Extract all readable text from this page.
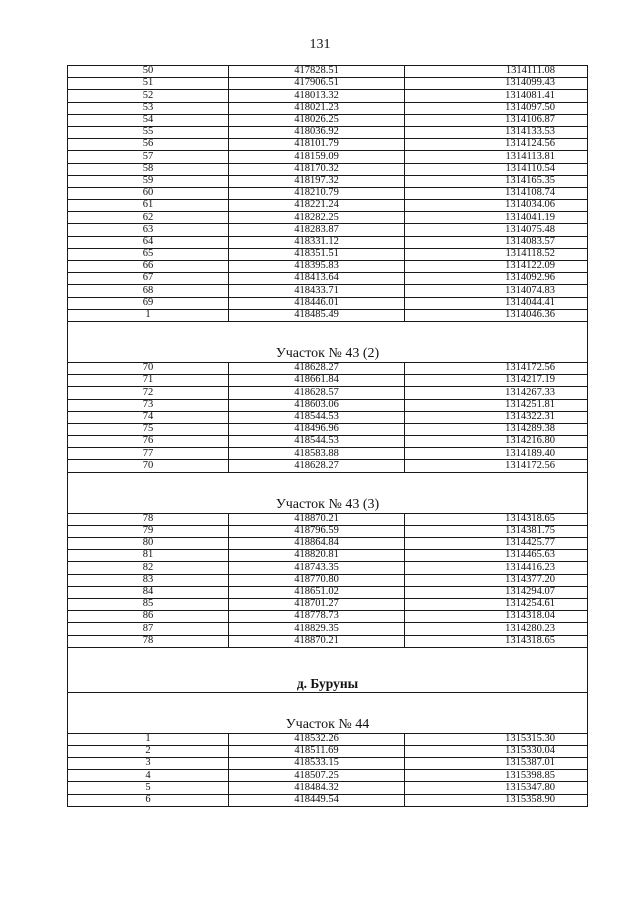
131
50	417828.51	1314111.08
51	417906.51	1314099.43
52	418013.32	1314081.41
53	418021.23	1314097.50
54	418026.25	1314106.87
55	418036.92	1314133.53
56	418101.79	1314124.56
57	418159.09	1314113.81
58	418170.32	1314110.54
59	418197.32	1314165.35
60	418210.79	1314108.74
61	418221.24	1314034.06
62	418282.25	1314041.19
63	418283.87	1314075.48
64	418331.12	1314083.57
65	418351.51	1314118.52
66	418395.83	1314122.09
67	418413.64	1314092.96
68	418433.71	1314074.83
69	418446.01	1314044.41
1	418485.49	1314046.36

Участок № 43 (2)		
70	418628.27	1314172.56
71	418661.84	1314217.19
72	418628.57	1314267.33
73	418603.06	1314251.81
74	418544.53	1314322.31
75	418496.96	1314289.38
76	418544.53	1314216.80
77	418583.88	1314189.40
70	418628.27	1314172.56

Участок № 43 (3)		
78	418870.21	1314318.65
79	418796.59	1314381.75
80	418864.84	1314425.77
81	418820.81	1314465.63
82	418743.35	1314416.23
83	418770.80	1314377.20
84	418651.02	1314294.07
85	418701.27	1314254.61
86	418778.73	1314318.04
87	418829.35	1314280.23
78	418870.21	1314318.65

д. Буруны		

Участок № 44		
1	418532.26	1315315.30
2	418511.69	1315330.04
3	418533.15	1315387.01
4	418507.25	1315398.85
5	418484.32	1315347.80
6	418449.54	1315358.90
